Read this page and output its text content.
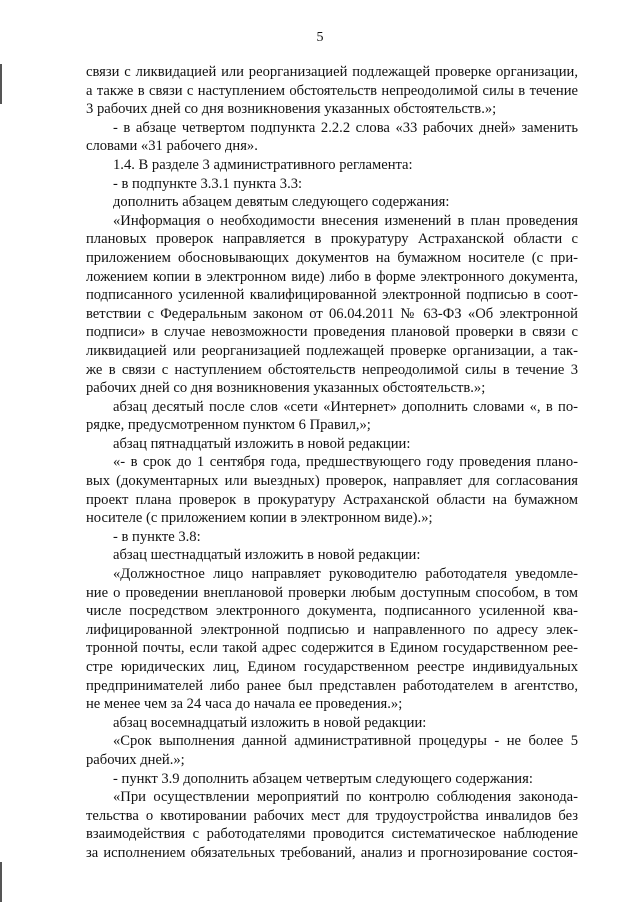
5
связи с ликвидацией или реорганизацией подлежащей проверке организации,
а также в связи с наступлением обстоятельств непреодолимой силы в течение
3 рабочих дней со дня возникновения указанных обстоятельств.»;
- в абзаце четвертом подпункта 2.2.2 слова «33 рабочих дней» заменить
словами «31 рабочего дня».
1.4. В разделе 3 административного регламента:
- в подпункте 3.3.1 пункта 3.3:
дополнить абзацем девятым следующего содержания:
«Информация о необходимости внесения изменений в план проведения
плановых проверок направляется в прокуратуру Астраханской области с
приложением обосновывающих документов на бумажном носителе (с при-
ложением копии в электронном виде) либо в форме электронного документа,
подписанного усиленной квалифицированной электронной подписью в соот-
ветствии с Федеральным законом от 06.04.2011 № 63-ФЗ «Об электронной
подписи» в случае невозможности проведения плановой проверки в связи с
ликвидацией или реорганизацией подлежащей проверке организации, а так-
же в связи с наступлением обстоятельств непреодолимой силы в течение 3
рабочих дней со дня возникновения указанных обстоятельств.»;
абзац десятый после слов «сети «Интернет» дополнить словами «, в по-
рядке, предусмотренном пунктом 6 Правил,»;
абзац пятнадцатый изложить в новой редакции:
«- в срок до 1 сентября года, предшествующего году проведения плано-
вых (документарных или выездных) проверок, направляет для согласования
проект плана проверок в прокуратуру Астраханской области на бумажном
носителе (с приложением копии в электронном виде).»;
- в пункте 3.8:
абзац шестнадцатый изложить в новой редакции:
«Должностное лицо направляет руководителю работодателя уведомле-
ние о проведении внеплановой проверки любым доступным способом, в том
числе посредством электронного документа, подписанного усиленной ква-
лифицированной электронной подписью и направленного по адресу элек-
тронной почты, если такой адрес содержится в Едином государственном рее-
стре юридических лиц, Едином государственном реестре индивидуальных
предпринимателей либо ранее был представлен работодателем в агентство,
не менее чем за 24 часа до начала ее проведения.»;
абзац восемнадцатый изложить в новой редакции:
«Срок выполнения данной административной процедуры - не более 5
рабочих дней.»;
- пункт 3.9 дополнить абзацем четвертым следующего содержания:
«При осуществлении мероприятий по контролю соблюдения законода-
тельства о квотировании рабочих мест для трудоустройства инвалидов без
взаимодействия с работодателями проводится систематическое наблюдение
за исполнением обязательных требований, анализ и прогнозирование состоя-
